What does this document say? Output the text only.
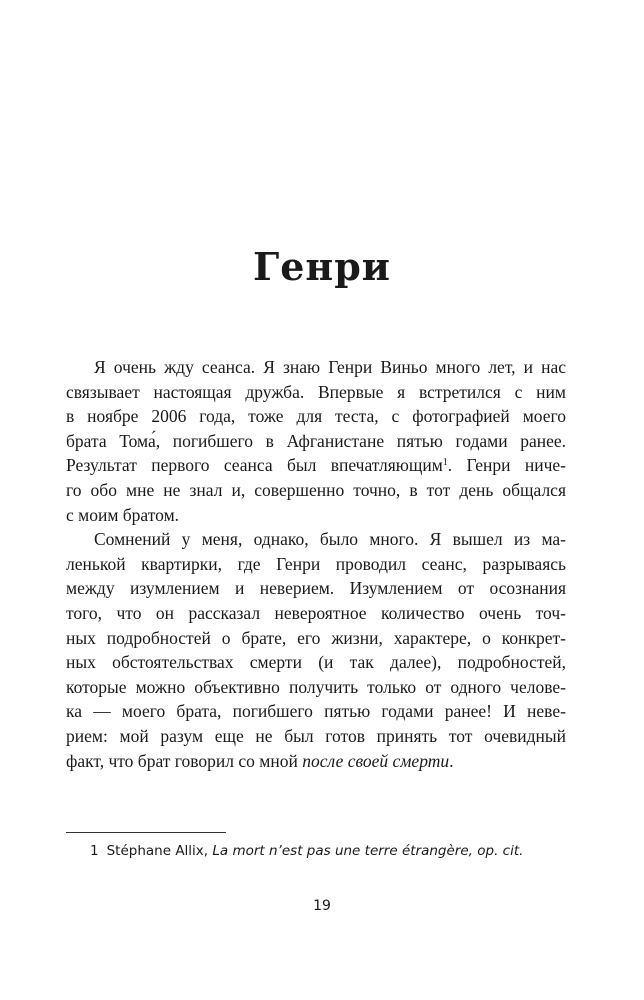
Генри
Я очень жду сеанса. Я знаю Генри Виньо много лет, и нас
связывает настоящая дружба. Впервые я встретился с ним
в ноябре 2006 года, тоже для теста, с фотографией моего
брата Тома́, погибшего в Афганистане пятью годами ранее.
Результат первого сеанса был впечатляющим$^1$. Генри ниче-
го обо мне не знал и, совершенно точно, в тот день общался
с моим братом.
Сомнений у меня, однако, было много. Я вышел из ма-
ленькой квартирки, где Генри проводил сеанс, разрываясь
между изумлением и неверием. Изумлением от осознания
того, что он рассказал невероятное количество очень точ-
ных подробностей о брате, его жизни, характере, о конкрет-
ных обстоятельствах смерти (и так далее), подробностей,
которые можно объективно получить только от одного челове-
ка — моего брата, погибшего пятью годами ранее! И невe-
рием: мой разум еще не был готов принять тот очевидный
факт, что брат говорил со мной после своей смерти.
1 Stéphane Allix, La mort n’est pas une terre étrangère, op. cit.
19
